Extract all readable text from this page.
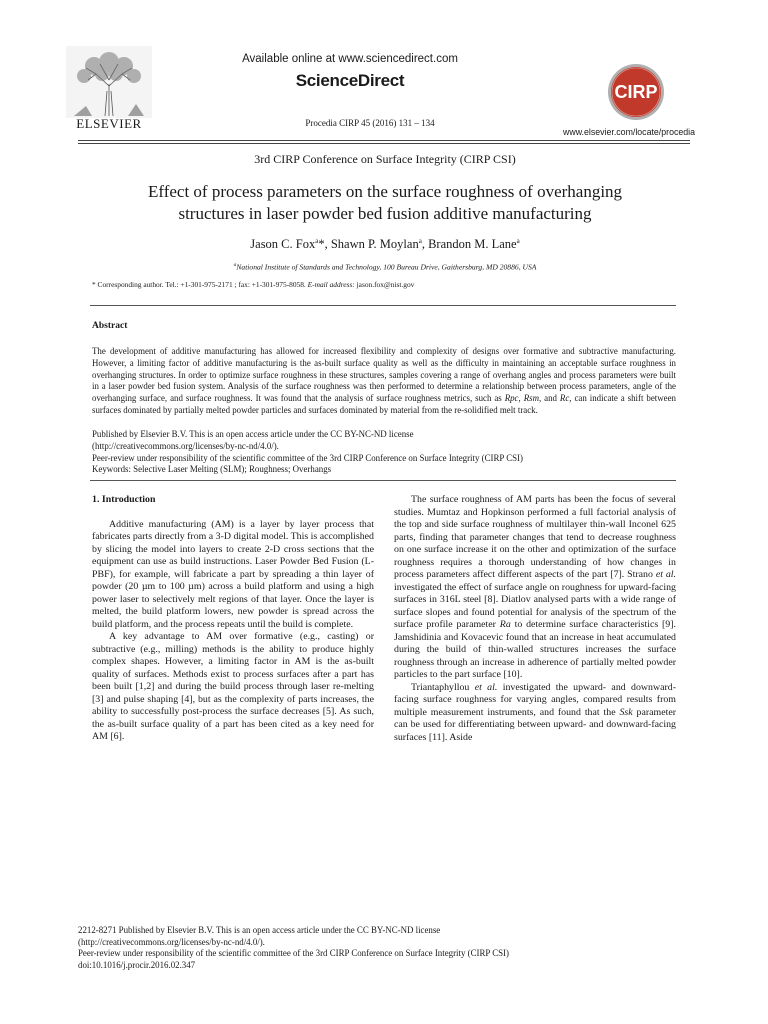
ELSEVIER
Available online at www.sciencedirect.com
ScienceDirect
Procedia CIRP 45 (2016) 131 – 134
CIRP
www.elsevier.com/locate/procedia
3rd CIRP Conference on Surface Integrity (CIRP CSI)
Effect of process parameters on the surface roughness of overhanging
structures in laser powder bed fusion additive manufacturing
Jason C. Fox$^a$*, Shawn P. Moylan$^a$, Brandon M. Lane$^a$
$^a$National Institute of Standards and Technology, 100 Bureau Drive, Gaithersburg, MD 20886, USA
* Corresponding author. Tel.: +1-301-975-2171 ; fax: +1-301-975-8058. E-mail address: jason.fox@nist.gov
Abstract
The development of additive manufacturing has allowed for increased flexibility and complexity of designs over formative and subtractive manufacturing. However, a limiting factor of additive manufacturing is the as-built surface quality as well as the difficulty in maintaining an acceptable surface roughness in overhanging structures. In order to optimize surface roughness in these structures, samples covering a range of overhang angles and process parameters were built in a laser powder bed fusion system. Analysis of the surface roughness was then performed to determine a relationship between process parameters, angle of the overhanging surface, and surface roughness. It was found that the analysis of surface roughness metrics, such as Rpc, Rsm, and Rc, can indicate a shift between surfaces dominated by partially melted powder particles and surfaces dominated by material from the re-solidified melt track.
Published by Elsevier B.V. This is an open access article under the CC BY-NC-ND license
(http://creativecommons.org/licenses/by-nc-nd/4.0/).
Peer-review under responsibility of the scientific committee of the 3rd CIRP Conference on Surface Integrity (CIRP CSI)
Keywords: Selective Laser Melting (SLM); Roughness; Overhangs

1. Introduction

Additive manufacturing (AM) is a layer by layer process that fabricates parts directly from a 3-D digital model. This is accomplished by slicing the model into layers to create 2-D cross sections that the equipment can use as build instructions. Laser Powder Bed Fusion (L-PBF), for example, will fabricate a part by spreading a thin layer of powder (20 µm to 100 µm) across a build platform and using a high power laser to selectively melt regions of that layer. Once the layer is melted, the build platform lowers, new powder is spread across the build platform, and the process repeats until the build is complete.

A key advantage to AM over formative (e.g., casting) or subtractive (e.g., milling) methods is the ability to produce highly complex shapes. However, a limiting factor in AM is the as-built quality of surfaces. Methods exist to process surfaces after a part has been built [1,2] and during the build process through laser re-melting [3] and pulse shaping [4], but as the complexity of parts increases, the ability to successfully post-process the surface decreases [5]. As such, the as-built surface quality of a part has been cited as a key need for AM [6].

The surface roughness of AM parts has been the focus of several studies. Mumtaz and Hopkinson performed a full factorial analysis of the top and side surface roughness of multilayer thin-wall Inconel 625 parts, finding that parameter changes that tend to decrease roughness on one surface increase it on the other and optimization of the surface roughness requires a thorough understanding of how changes in process parameters affect different aspects of the part [7]. Strano et al. investigated the effect of surface angle on roughness for upward-facing surfaces in 316L steel [8]. Diatlov analysed parts with a wide range of surface slopes and found potential for analysis of the spectrum of the surface profile parameter Ra to determine surface characteristics [9]. Jamshidinia and Kovacevic found that an increase in heat accumulated during the build of thin-walled structures increases the surface roughness through an increase in adherence of partially melted powder particles to the part surface [10].

Triantaphyllou et al. investigated the upward- and downward-facing surface roughness for varying angles, compared results from multiple measurement instruments, and found that the Ssk parameter can be used for differentiating between upward- and downward-facing surfaces [11]. Aside

2212-8271 Published by Elsevier B.V. This is an open access article under the CC BY-NC-ND license
(http://creativecommons.org/licenses/by-nc-nd/4.0/).
Peer-review under responsibility of the scientific committee of the 3rd CIRP Conference on Surface Integrity (CIRP CSI)
doi:10.1016/j.procir.2016.02.347
